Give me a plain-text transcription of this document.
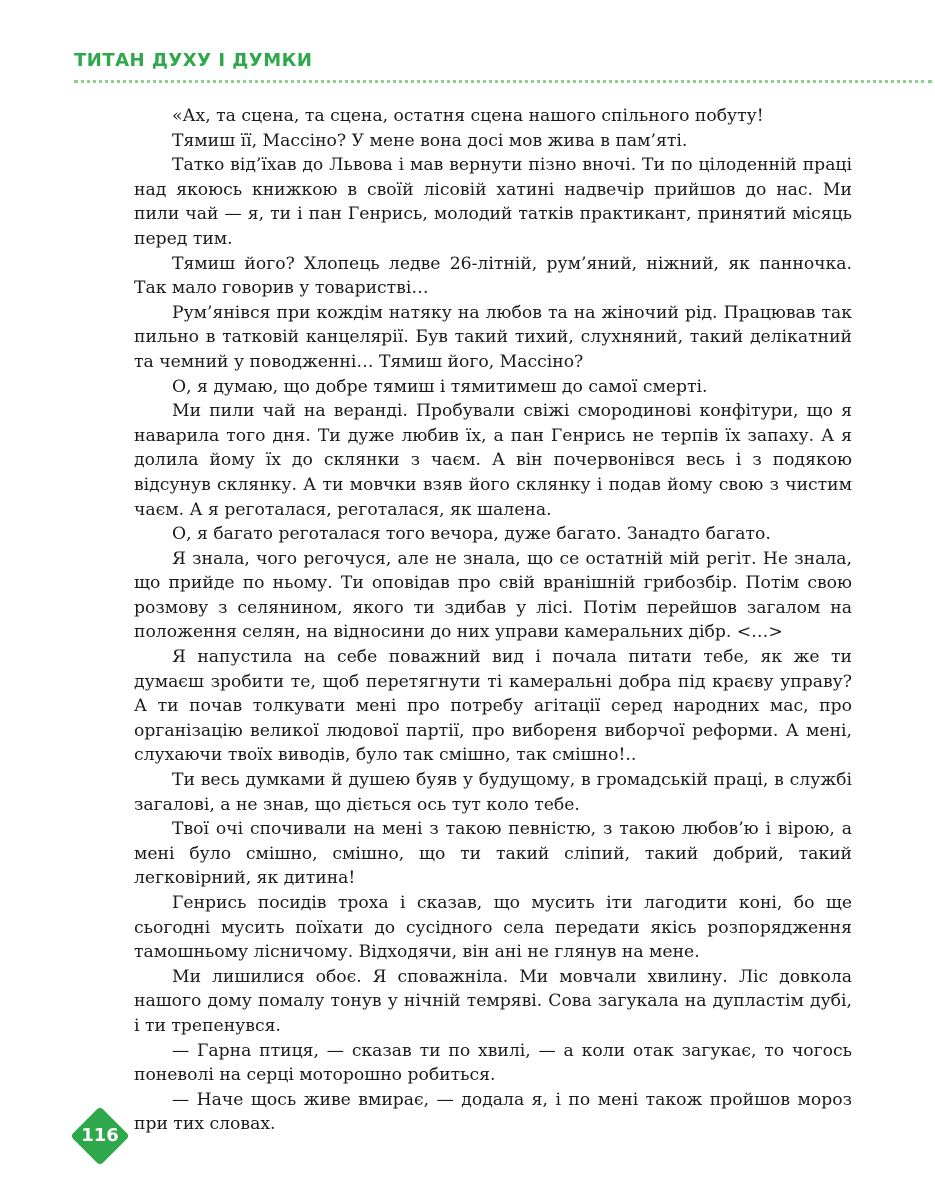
ТИТАН ДУХУ І ДУМКИ

«Ах, та сцена, та сцена, остатня сцена нашого спільного побуту!

Тямиш її, Массіно? У мене вона досі мов жива в пам’яті.

Татко від’їхав до Львова і мав вернути пізно вночі. Ти по цілоденній праці над якоюсь книжкою в своїй лісовій хатині надвечір прийшов до нас. Ми пили чай — я, ти і пан Генрись, молодий татків практикант, принятий місяць перед тим.

Тямиш його? Хлопець ледве 26-літній, рум’яний, ніжний, як панночка. Так мало говорив у товаристві…

Рум’янівся при кождім натяку на любов та на жіночий рід. Працював так пильно в татковій канцелярії. Був такий тихий, слухняний, такий делікатний та чемний у поводженні… Тямиш його, Массіно?

О, я думаю, що добре тямиш і тямитимеш до самої смерті.

Ми пили чай на веранді. Пробували свіжі смородинові конфітури, що я наварила того дня. Ти дуже любив їх, а пан Генрись не терпів їх запаху. А я долила йому їх до склянки з чаєм. А він почервонівся весь і з подякою відсунув склянку. А ти мовчки взяв його склянку і подав йому свою з чистим чаєм. А я реготалася, реготалася, як шалена.

О, я багато реготалася того вечора, дуже багато. Занадто багато.

Я знала, чого регочуся, але не знала, що се остатній мій регіт. Не знала, що прийде по ньому. Ти оповідав про свій вранішній грибозбір. Потім свою розмову з селянином, якого ти здибав у лісі. Потім перейшов загалом на положення селян, на відносини до них управи камеральних дібр. <…>

Я напустила на себе поважний вид і почала питати тебе, як же ти думаєш зробити те, щоб перетягнути ті камеральні добра під краєву управу? А ти почав толкувати мені про потребу агітації серед народних мас, про організацію великої людової партії, про вибореня виборчої реформи. А мені, слухаючи твоїх виводів, було так смішно, так смішно!..

Ти весь думками й душею буяв у будущому, в громадській праці, в службі загалові, а не знав, що діється ось тут коло тебе.

Твої очі спочивали на мені з такою певністю, з такою любов’ю і вірою, а мені було смішно, смішно, що ти такий сліпий, такий добрий, такий легковірний, як дитина!

Генрись посидів троха і сказав, що мусить іти лагодити коні, бо ще сьогодні мусить поїхати до сусідного села передати якісь розпорядження тамошньому лісничому. Відходячи, він ані не глянув на мене.

Ми лишилися обоє. Я споважніла. Ми мовчали хвилину. Ліс довкола нашого дому помалу тонув у нічній темряві. Сова загукала на дупластім дубі, і ти трепенувся.

— Гарна птиця, — сказав ти по хвилі, — а коли отак загукає, то чогось поневолі на серці моторошно робиться.

— Наче щось живе вмирає, — додала я, і по мені також пройшов мороз при тих словах.

116
